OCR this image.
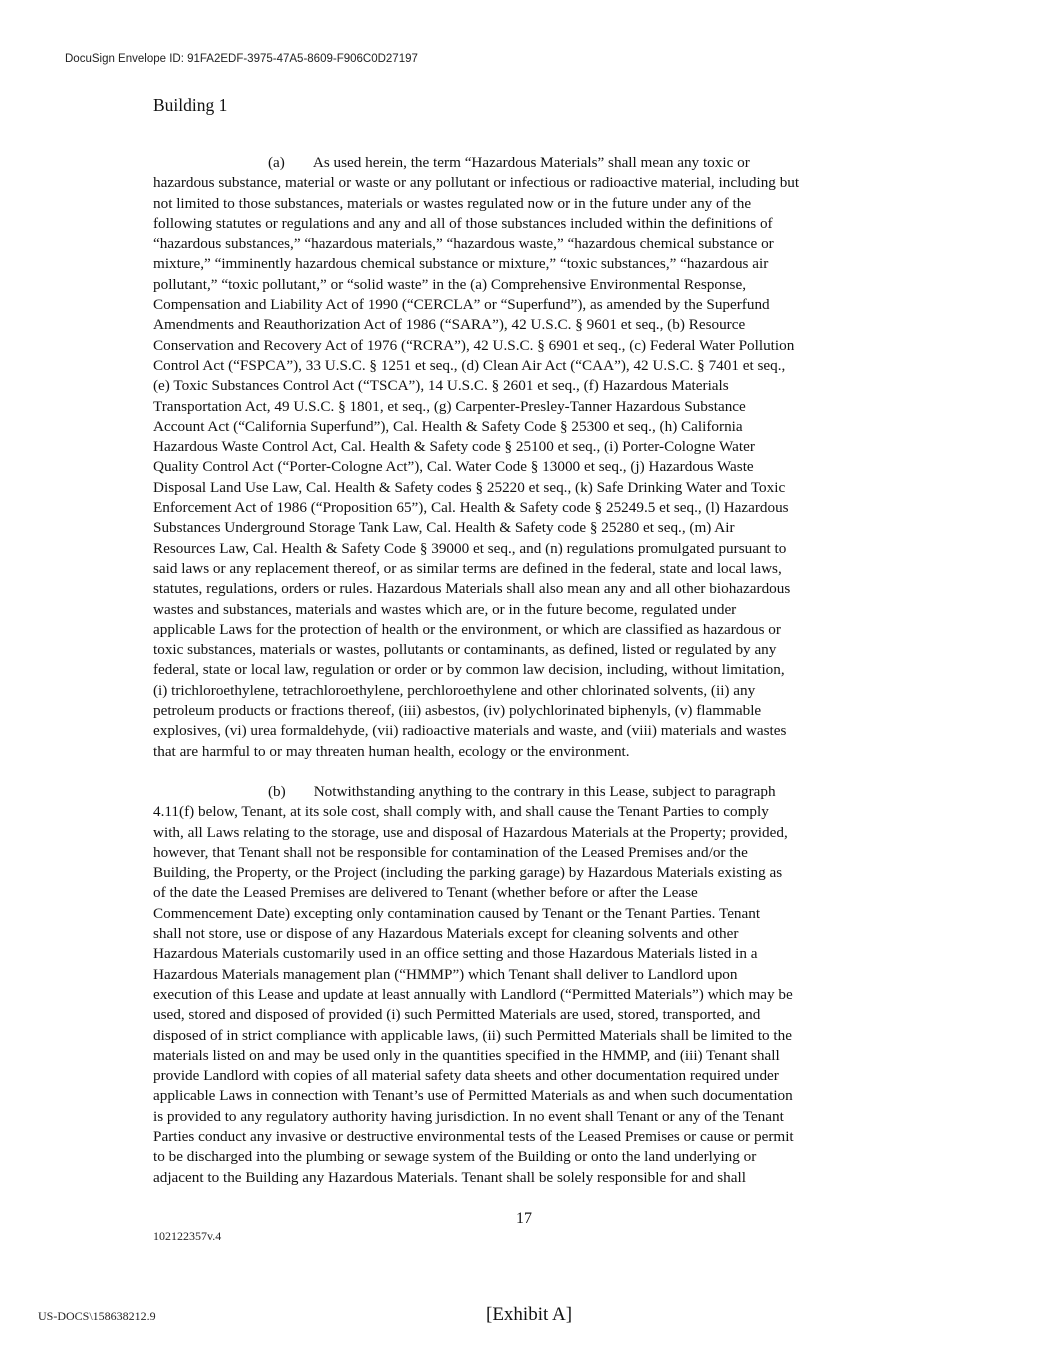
DocuSign Envelope ID: 91FA2EDF-3975-47A5-8609-F906C0D27197
Building 1
(a) As used herein, the term “Hazardous Materials” shall mean any toxic or
hazardous substance, material or waste or any pollutant or infectious or radioactive material, including but
not limited to those substances, materials or wastes regulated now or in the future under any of the
following statutes or regulations and any and all of those substances included within the definitions of
“hazardous substances,” “hazardous materials,” “hazardous waste,” “hazardous chemical substance or
mixture,” “imminently hazardous chemical substance or mixture,” “toxic substances,” “hazardous air
pollutant,” “toxic pollutant,” or “solid waste” in the (a) Comprehensive Environmental Response,
Compensation and Liability Act of 1990 (“CERCLA” or “Superfund”), as amended by the Superfund
Amendments and Reauthorization Act of 1986 (“SARA”), 42 U.S.C. § 9601 et seq., (b) Resource
Conservation and Recovery Act of 1976 (“RCRA”), 42 U.S.C. § 6901 et seq., (c) Federal Water Pollution
Control Act (“FSPCA”), 33 U.S.C. § 1251 et seq., (d) Clean Air Act (“CAA”), 42 U.S.C. § 7401 et seq.,
(e) Toxic Substances Control Act (“TSCA”), 14 U.S.C. § 2601 et seq., (f) Hazardous Materials
Transportation Act, 49 U.S.C. § 1801, et seq., (g) Carpenter-Presley-Tanner Hazardous Substance
Account Act (“California Superfund”), Cal. Health & Safety Code § 25300 et seq., (h) California
Hazardous Waste Control Act, Cal. Health & Safety code § 25100 et seq., (i) Porter-Cologne Water
Quality Control Act (“Porter-Cologne Act”), Cal. Water Code § 13000 et seq., (j) Hazardous Waste
Disposal Land Use Law, Cal. Health & Safety codes § 25220 et seq., (k) Safe Drinking Water and Toxic
Enforcement Act of 1986 (“Proposition 65”), Cal. Health & Safety code § 25249.5 et seq., (l) Hazardous
Substances Underground Storage Tank Law, Cal. Health & Safety code § 25280 et seq., (m) Air
Resources Law, Cal. Health & Safety Code § 39000 et seq., and (n) regulations promulgated pursuant to
said laws or any replacement thereof, or as similar terms are defined in the federal, state and local laws,
statutes, regulations, orders or rules. Hazardous Materials shall also mean any and all other biohazardous
wastes and substances, materials and wastes which are, or in the future become, regulated under
applicable Laws for the protection of health or the environment, or which are classified as hazardous or
toxic substances, materials or wastes, pollutants or contaminants, as defined, listed or regulated by any
federal, state or local law, regulation or order or by common law decision, including, without limitation,
(i) trichloroethylene, tetrachloroethylene, perchloroethylene and other chlorinated solvents, (ii) any
petroleum products or fractions thereof, (iii) asbestos, (iv) polychlorinated biphenyls, (v) flammable
explosives, (vi) urea formaldehyde, (vii) radioactive materials and waste, and (viii) materials and wastes
that are harmful to or may threaten human health, ecology or the environment.
(b) Notwithstanding anything to the contrary in this Lease, subject to paragraph
4.11(f) below, Tenant, at its sole cost, shall comply with, and shall cause the Tenant Parties to comply
with, all Laws relating to the storage, use and disposal of Hazardous Materials at the Property; provided,
however, that Tenant shall not be responsible for contamination of the Leased Premises and/or the
Building, the Property, or the Project (including the parking garage) by Hazardous Materials existing as
of the date the Leased Premises are delivered to Tenant (whether before or after the Lease
Commencement Date) excepting only contamination caused by Tenant or the Tenant Parties. Tenant
shall not store, use or dispose of any Hazardous Materials except for cleaning solvents and other
Hazardous Materials customarily used in an office setting and those Hazardous Materials listed in a
Hazardous Materials management plan (“HMMP”) which Tenant shall deliver to Landlord upon
execution of this Lease and update at least annually with Landlord (“Permitted Materials”) which may be
used, stored and disposed of provided (i) such Permitted Materials are used, stored, transported, and
disposed of in strict compliance with applicable laws, (ii) such Permitted Materials shall be limited to the
materials listed on and may be used only in the quantities specified in the HMMP, and (iii) Tenant shall
provide Landlord with copies of all material safety data sheets and other documentation required under
applicable Laws in connection with Tenant’s use of Permitted Materials as and when such documentation
is provided to any regulatory authority having jurisdiction. In no event shall Tenant or any of the Tenant
Parties conduct any invasive or destructive environmental tests of the Leased Premises or cause or permit
to be discharged into the plumbing or sewage system of the Building or onto the land underlying or
adjacent to the Building any Hazardous Materials. Tenant shall be solely responsible for and shall
17
102122357v.4
US-DOCS\158638212.9	[Exhibit A]
